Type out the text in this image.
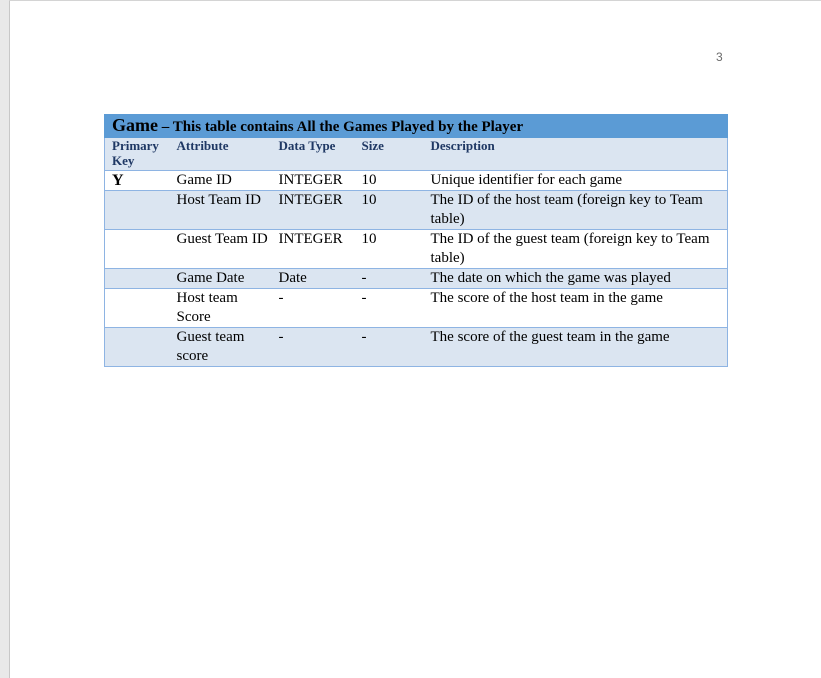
3
Game – This table contains All the Games Played by the Player				
Primary Key	Attribute	Data Type	Size	Description
Y	Game ID	INTEGER	10	Unique identifier for each game
	Host Team ID	INTEGER	10	The ID of the host team (foreign key to Team table)
	Guest Team ID	INTEGER	10	The ID of the guest team (foreign key to Team table)
	Game Date	Date	-	The date on which the game was played
	Host team Score	-	-	The score of the host team in the game
	Guest team score	-	-	The score of the guest team in the game
